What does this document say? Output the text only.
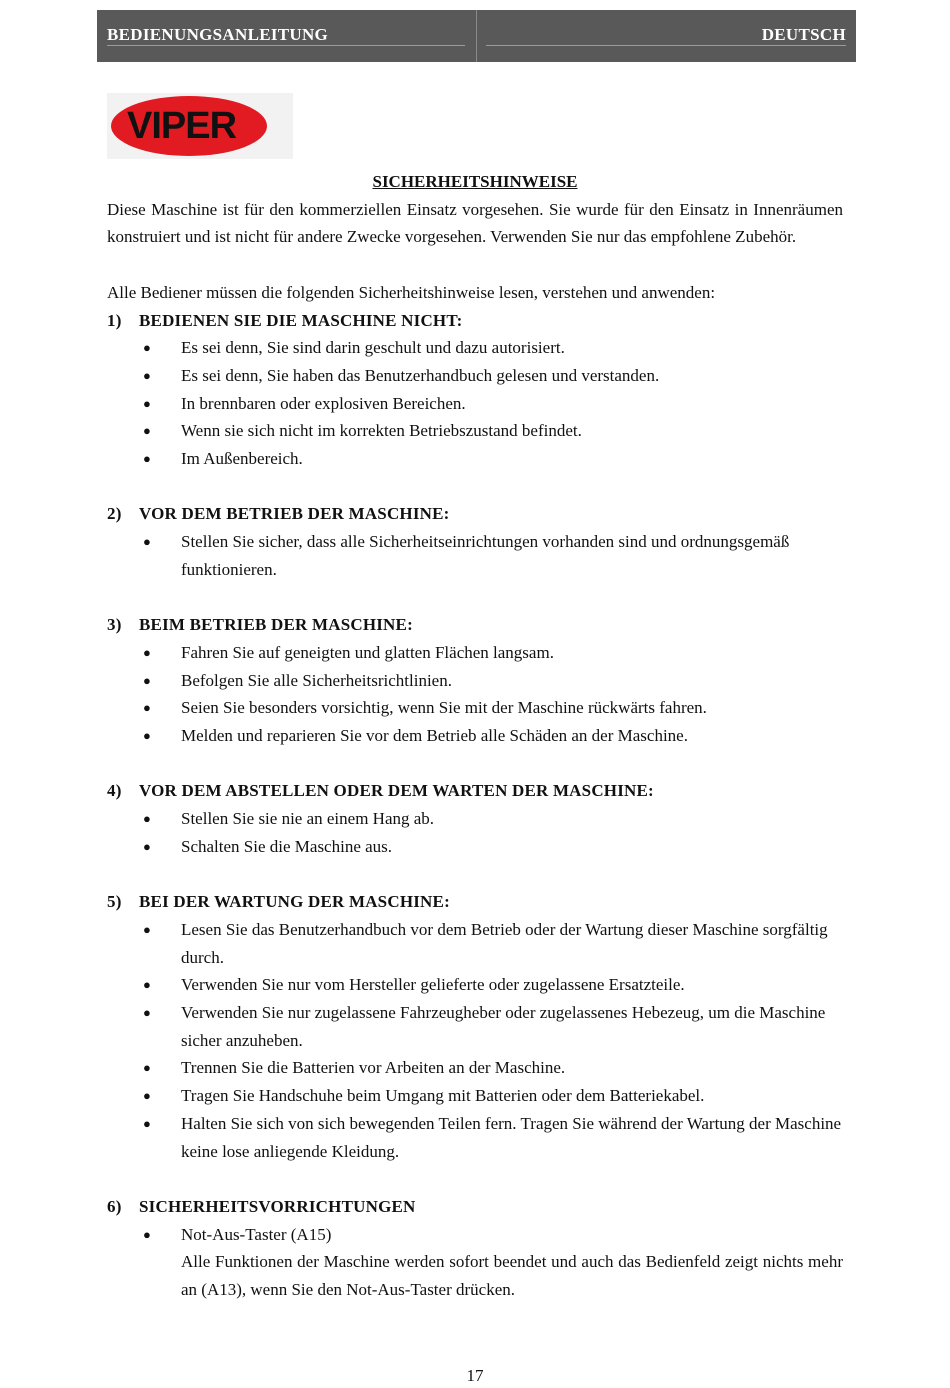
BEDIENUNGSANLEITUNG	DEUTSCH
VIPER

SICHERHEITSHINWEISE

Diese Maschine ist für den kommerziellen Einsatz vorgesehen. Sie wurde für den Einsatz in Innenräumen konstruiert und ist nicht für andere Zwecke vorgesehen. Verwenden Sie nur das empfohlene Zubehör.

Alle Bediener müssen die folgenden Sicherheitshinweise lesen, verstehen und anwenden:

1) BEDIENEN SIE DIE MASCHINE NICHT:

● Es sei denn, Sie sind darin geschult und dazu autorisiert.
● Es sei denn, Sie haben das Benutzerhandbuch gelesen und verstanden.
● In brennbaren oder explosiven Bereichen.
● Wenn sie sich nicht im korrekten Betriebszustand befindet.
● Im Außenbereich.

2) VOR DEM BETRIEB DER MASCHINE:

● Stellen Sie sicher, dass alle Sicherheitseinrichtungen vorhanden sind und ordnungsgemäß funktionieren.

3) BEIM BETRIEB DER MASCHINE:

● Fahren Sie auf geneigten und glatten Flächen langsam.
● Befolgen Sie alle Sicherheitsrichtlinien.
● Seien Sie besonders vorsichtig, wenn Sie mit der Maschine rückwärts fahren.
● Melden und reparieren Sie vor dem Betrieb alle Schäden an der Maschine.

4) VOR DEM ABSTELLEN ODER DEM WARTEN DER MASCHINE:

● Stellen Sie sie nie an einem Hang ab.
● Schalten Sie die Maschine aus.

5) BEI DER WARTUNG DER MASCHINE:

● Lesen Sie das Benutzerhandbuch vor dem Betrieb oder der Wartung dieser Maschine sorgfältig durch.
● Verwenden Sie nur vom Hersteller gelieferte oder zugelassene Ersatzteile.
● Verwenden Sie nur zugelassene Fahrzeugheber oder zugelassenes Hebezeug, um die Maschine sicher anzuheben.
● Trennen Sie die Batterien vor Arbeiten an der Maschine.
● Tragen Sie Handschuhe beim Umgang mit Batterien oder dem Batteriekabel.
● Halten Sie sich von sich bewegenden Teilen fern. Tragen Sie während der Wartung der Maschine keine lose anliegende Kleidung.

6) SICHERHEITSVORRICHTUNGEN

● Not-Aus-Taster (A15)

Alle Funktionen der Maschine werden sofort beendet und auch das Bedienfeld zeigt nichts mehr an (A13), wenn Sie den Not-Aus-Taster drücken.

17
